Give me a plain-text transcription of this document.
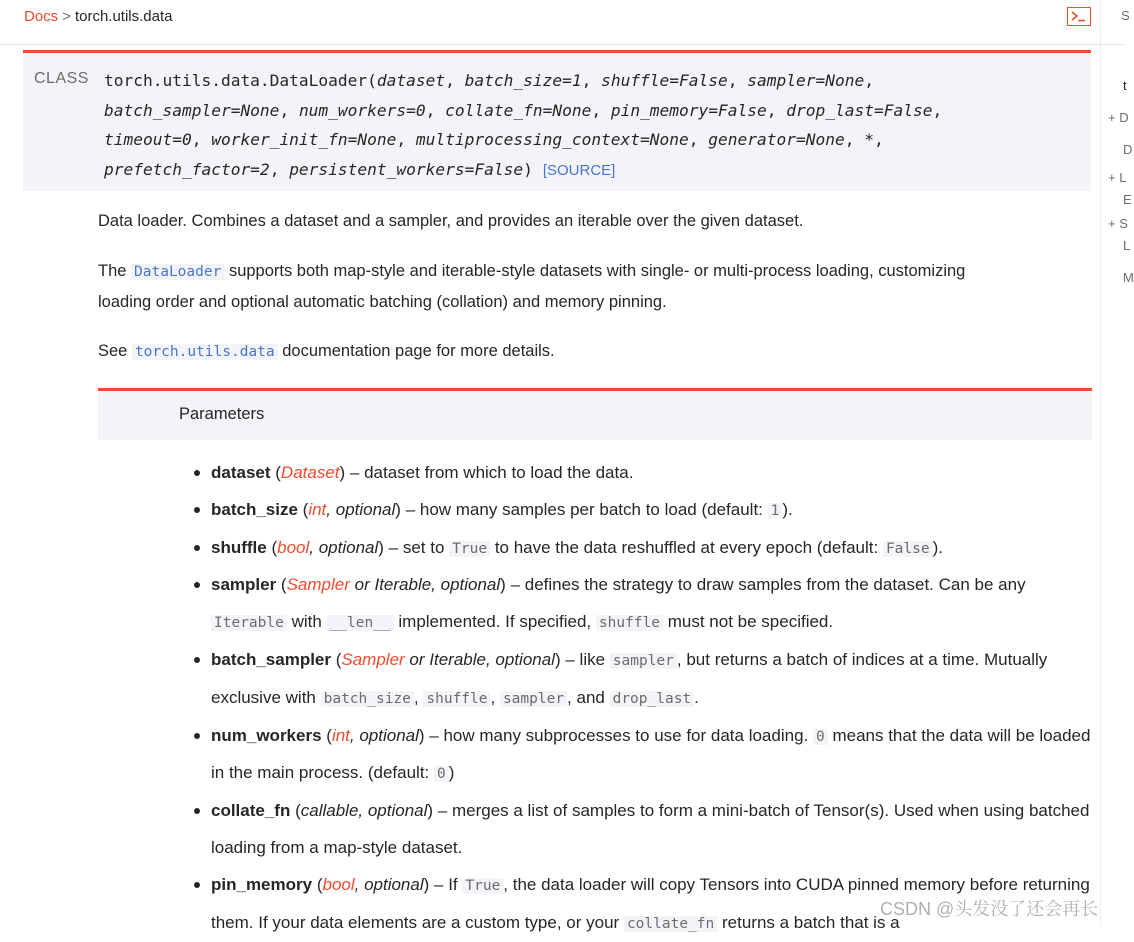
Docs > torch.utils.data	S
t
+ D
D
+ L
E
+ S
L
M
CLASS torch.utils.data.DataLoader(dataset, batch_size=1, shuffle=False, sampler=None,
batch_sampler=None, num_workers=0, collate_fn=None, pin_memory=False, drop_last=False,
timeout=0, worker_init_fn=None, multiprocessing_context=None, generator=None, *,
prefetch_factor=2, persistent_workers=False) [SOURCE]
Data loader. Combines a dataset and a sampler, and provides an iterable over the given dataset.
The DataLoader supports both map-style and iterable-style datasets with single- or multi-process loading, customizing
loading order and optional automatic batching (collation) and memory pinning.
See torch.utils.data documentation page for more details.
Parameters
dataset (Dataset) – dataset from which to load the data.
batch_size (int, optional) – how many samples per batch to load (default: 1 ).
shuffle (bool, optional) – set to True to have the data reshuffled at every epoch (default: False ).
sampler (Sampler or Iterable, optional) – defines the strategy to draw samples from the dataset. Can be any
Iterable with __len__ implemented. If specified, shuffle must not be specified.
batch_sampler (Sampler or Iterable, optional) – like sampler , but returns a batch of indices at a time. Mutually exclusive with batch_size , shuffle , sampler , and drop_last .
num_workers (int, optional) – how many subprocesses to use for data loading. 0 means that the data will be loaded in the main process. (default: 0 )
collate_fn (callable, optional) – merges a list of samples to form a mini-batch of Tensor(s). Used when using batched loading from a map-style dataset.
pin_memory (bool, optional) – If True , the data loader will copy Tensors into CUDA pinned memory before returning them. If your data elements are a custom type, or your collate_fn returns a batch that is a
CSDN @头发没了还会再长
